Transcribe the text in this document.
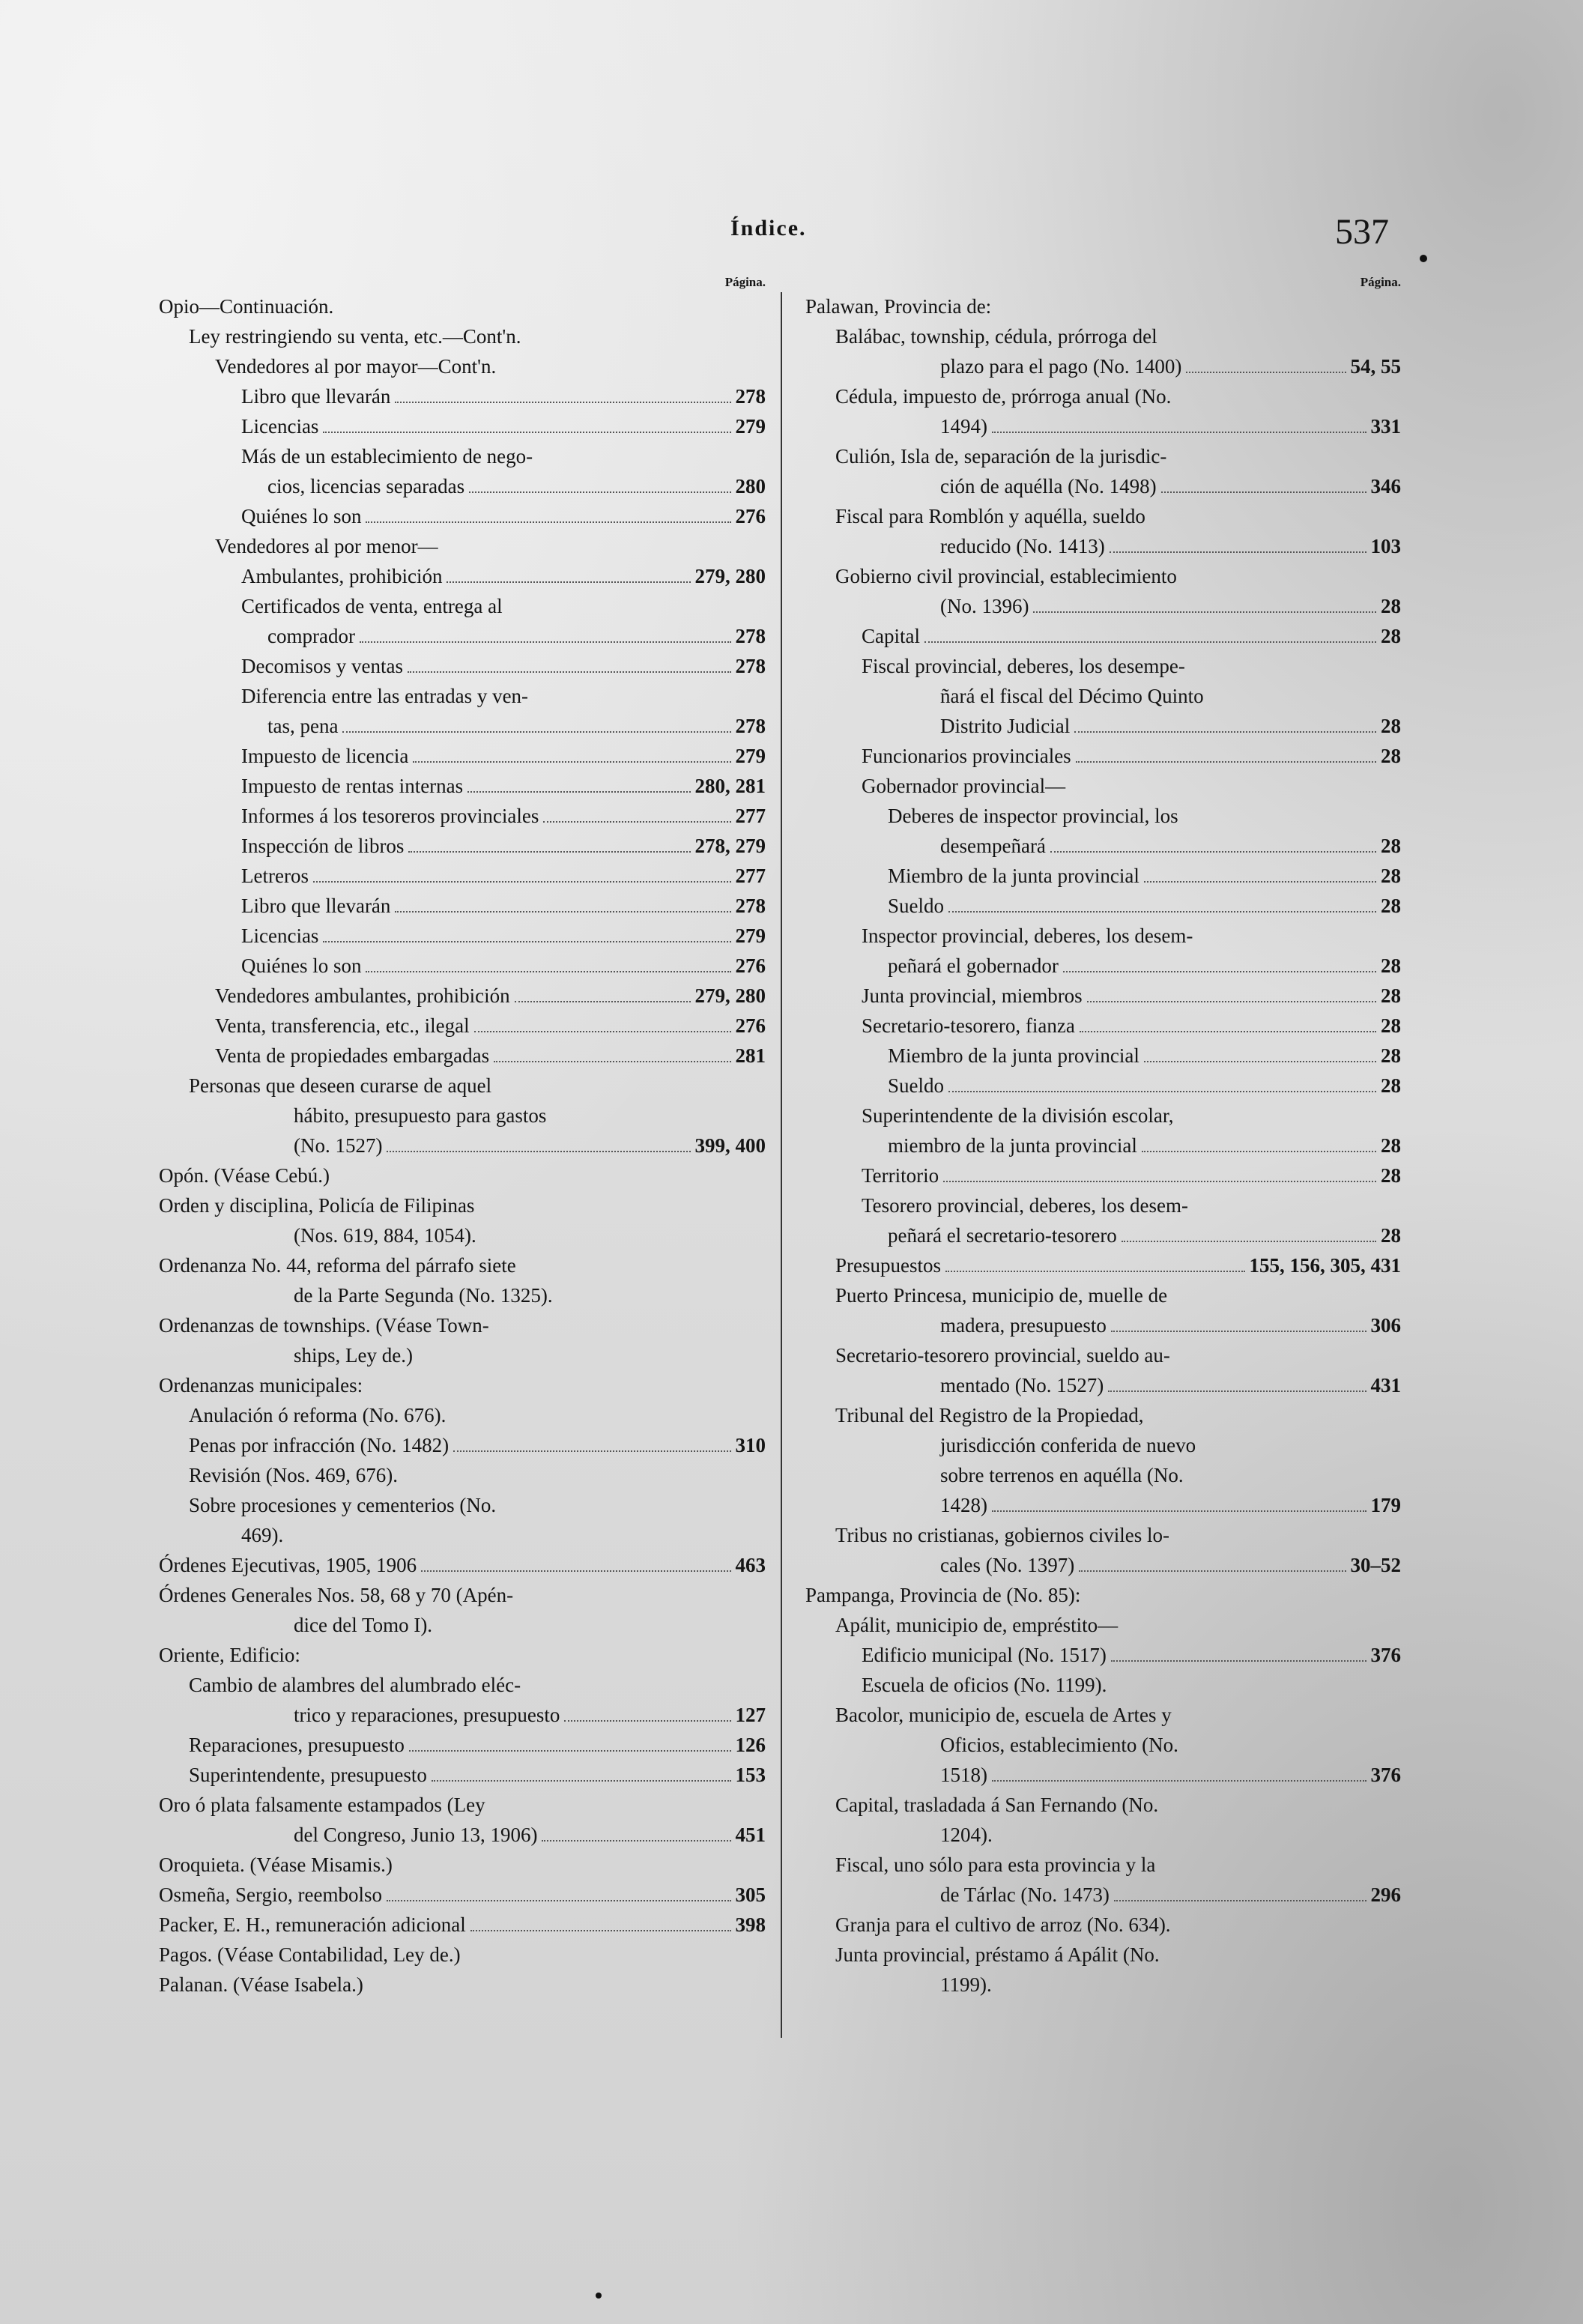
Índice.	537
Página.
Opio—Continuación.
Ley restringiendo su venta, etc.—Cont'n.
Vendedores al por mayor—Cont'n.
Libro que llevarán	278
Licencias	279
Más de un establecimiento de nego-
cios, licencias separadas	280
Quiénes lo son	276
Vendedores al por menor—
Ambulantes, prohibición	279, 280
Certificados de venta, entrega al
comprador	278
Decomisos y ventas	278
Diferencia entre las entradas y ven-
tas, pena	278
Impuesto de licencia	279
Impuesto de rentas internas	280, 281
Informes á los tesoreros provinciales	277
Inspección de libros	278, 279
Letreros	277
Libro que llevarán	278
Licencias	279
Quiénes lo son	276
Vendedores ambulantes, prohibición	279, 280
Venta, transferencia, etc., ilegal	276
Venta de propiedades embargadas	281
Personas que deseen curarse de aquel
hábito, presupuesto para gastos
(No. 1527)	399, 400
Opón. (Véase Cebú.)
Orden y disciplina, Policía de Filipinas
(Nos. 619, 884, 1054).
Ordenanza No. 44, reforma del párrafo siete
de la Parte Segunda (No. 1325).
Ordenanzas de townships. (Véase Town-
ships, Ley de.)
Ordenanzas municipales:
Anulación ó reforma (No. 676).
Penas por infracción (No. 1482)	310
Revisión (Nos. 469, 676).
Sobre procesiones y cementerios (No.
469).
Órdenes Ejecutivas, 1905, 1906	463
Órdenes Generales Nos. 58, 68 y 70 (Apén-
dice del Tomo I).
Oriente, Edificio:
Cambio de alambres del alumbrado eléc-
trico y reparaciones, presupuesto	127
Reparaciones, presupuesto	126
Superintendente, presupuesto	153
Oro ó plata falsamente estampados (Ley
del Congreso, Junio 13, 1906)	451
Oroquieta. (Véase Misamis.)
Osmeña, Sergio, reembolso	305
Packer, E. H., remuneración adicional	398
Pagos. (Véase Contabilidad, Ley de.)
Palanan. (Véase Isabela.)
Página.
Palawan, Provincia de:
Balábac, township, cédula, prórroga del
plazo para el pago (No. 1400)	54, 55
Cédula, impuesto de, prórroga anual (No.
1494)	331
Culión, Isla de, separación de la jurisdic-
ción de aquélla (No. 1498)	346
Fiscal para Romblón y aquélla, sueldo
reducido (No. 1413)	103
Gobierno civil provincial, establecimiento
(No. 1396)	28
Capital	28
Fiscal provincial, deberes, los desempe-
ñará el fiscal del Décimo Quinto
Distrito Judicial	28
Funcionarios provinciales	28
Gobernador provincial—
Deberes de inspector provincial, los
desempeñará	28
Miembro de la junta provincial	28
Sueldo	28
Inspector provincial, deberes, los desem-
peñará el gobernador	28
Junta provincial, miembros	28
Secretario-tesorero, fianza	28
Miembro de la junta provincial	28
Sueldo	28
Superintendente de la división escolar,
miembro de la junta provincial	28
Territorio	28
Tesorero provincial, deberes, los desem-
peñará el secretario-tesorero	28
Presupuestos	155, 156, 305, 431
Puerto Princesa, municipio de, muelle de
madera, presupuesto	306
Secretario-tesorero provincial, sueldo au-
mentado (No. 1527)	431
Tribunal del Registro de la Propiedad,
jurisdicción conferida de nuevo
sobre terrenos en aquélla (No.
1428)	179
Tribus no cristianas, gobiernos civiles lo-
cales (No. 1397)	30–52
Pampanga, Provincia de (No. 85):
Apálit, municipio de, empréstito—
Edificio municipal (No. 1517)	376
Escuela de oficios (No. 1199).
Bacolor, municipio de, escuela de Artes y
Oficios, establecimiento (No.
1518)	376
Capital, trasladada á San Fernando (No.
1204).
Fiscal, uno sólo para esta provincia y la
de Tárlac (No. 1473)	296
Granja para el cultivo de arroz (No. 634).
Junta provincial, préstamo á Apálit (No.
1199).
